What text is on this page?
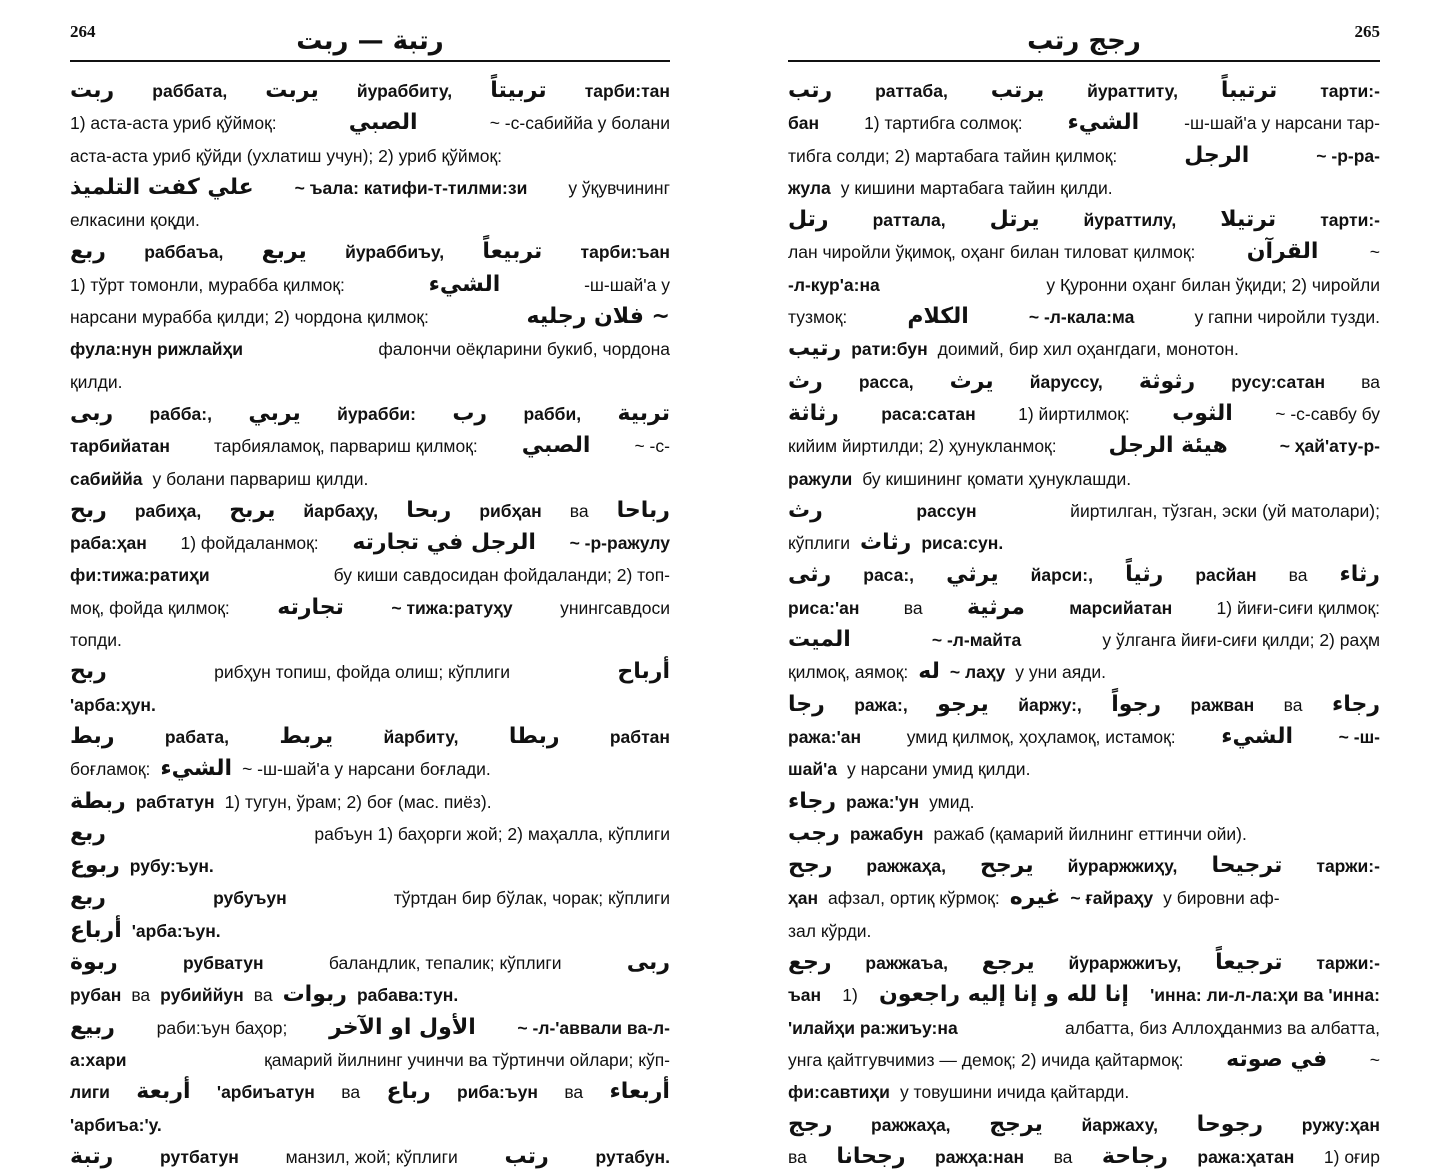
264	رتبة — ربت
ربت раббата, يربت йураббиту, تربيتاً тарби:тан
1) аста-аста уриб қўймоқ:	الصبي	~ -с-сабиййа у болани
аста-аста уриб қўйди (ухлатиш учун); 2) уриб қўймоқ:
علي كفت التلميذ ~ ъала: катифи-т-тилми:зи у ўқувчининг
елкасини қоқди.
ربع раббаъа, يربع йураббиъу, تربيعاً тарби:ъан
1) тўрт томонли, мураббa қилмоқ:	الشيء	-ш-шай'а у
нарсани мураббa қилди; 2) чордона қилмоқ:	~ فلان رجليه
фула:нун рижлайҳи	фалончи оёқларини букиб, чордона
қилди.
ربى рабба:, يربي йурабби: رب рабби, تربية
тарбийатан	тарбияламоқ, парвариш қилмоқ: الصبي	~ -с-
сабиййа у болани парвариш қилди.
ربح рабиҳа, يربح йарбаҳу, ربحا рибҳан ва رباحا
раба:ҳан 1) фойдаланмоқ: الرجل في تجارته ~ -р-ражулу
фи:тижа:ратиҳи	бу киши савдосидан фойдаланди; 2) топ-
моқ, фойда қилмоқ: تجارته	~ тижа:ратуҳу	унингсавдоси
топди.
ربح	рибҳун топиш, фойда олиш; кўплиги	أرباح
'арба:ҳун.
ربط	рабата, يربط	йарбиту, ربطا	рабтан
боғламоқ: الشيء ~ -ш-шай'а у нарсани боғлади.
ربطة рабтатун 1) тугун, ўрам; 2) боғ (мас. пиёз).
ربع	рабъун 1) баҳорги жой; 2) маҳалла, кўплиги
ربوع рубу:ъун.
ربع	рубуъун	тўртдан бир бўлак, чорак; кўплиги
أرباع 'арба:ъун.
ربوة	рубватун	баландлик, тепалик; кўплиги	ربى
рубан ва рубиййун ва ربوات рабава:тун.
ربيع раби:ъун баҳор; الأول او الآخر ~ -л-'аввали ва-л-
а:хари	қамарий йилнинг учинчи ва тўртинчи ойлари; кўп-
лиги أربعة 'арбиъатун ва رباع риба:ъун ва أربعاء
'арбиъа:'у.
رتبة	рутбатун	манзил, жой; кўплиги رتب	рутабун.
265
رجج رتب
رتب раттаба, يرتب йураттиту, ترتيباً тарти:-
бан	1) тартибга солмоқ: الشيء	-ш-шай'а у нарсани тар-
тибга солди; 2) мартабага тайин қилмоқ:	الرجل	~ -р-ра-
жула у кишини мартабага тайин қилди.
رتل	раттала, يرتل	йураттилу, ترتيلا	тарти:-
лан чиройли ўқимоқ, оҳанг билан тиловат қилмоқ: القرآن	~
-л-кур'а:на	у Қуронни оҳанг билан ўқиди; 2) чиройли
тузмоқ:	الكلام	~ -л-кала:ма	у гапни чиройли тузди.
رتيب рати:бун доимий, бир хил оҳангдаги, монотон.
رث расса, يرث йаруссу, رثوثة руcу:сатан ва
رثاثة раса:сатан 1) йиртилмоқ: الثوب ~ -с-савбу бу
кийим йиртилди; 2) ҳунукланмоқ: هيئة الرجل	~ ҳай'ату-р-
ражули бу кишининг қомати ҳунуклашди.
رث	рассун	йиртилган, тўзган, эски (уй матолари);
кўплиги رثاث риса:сун.
رثى раса:, يرثي йарси:, رثياً расйан ва رثاء
риса:'ан	ва مرثية	марсийатан	1) йиғи-сиғи қилмоқ:
الميت	~ -л-майта	у ўлганга йиғи-сиғи қилди; 2) раҳм
қилмоқ, аямоқ: له ~ лаҳу у уни аяди.
رجا ража:, يرجو йаржу:, رجواً ражван ва رجاء
ража:'ан	умид қилмоқ, ҳоҳламоқ, истамоқ: الشيء	~ -ш-
шай'а у нарсани умид қилди.
رجاء ража:'ун умид.
رجب ражабун ражаб (қамарий йилнинг еттинчи ойи).
رجح ражжаҳа, يرجح йураржжиҳу, ترجيحا тaржи:-
ҳан афзал, ортиқ кўрмоқ: غيره ~ ғайраҳу у бировни аф-
зал кўрди.
رجع ражжаъа, يرجع йураржжиъу, ترجيعاً тaржи:-
ъан 1) إنا لله و إنا إليه راجعون 'инна: ли-л-ла:ҳи ва 'инна:
'илайҳи ра:жиъу:на	албатта, биз Аллоҳданмиз ва албатта,
унга қайтгувчимиз — демоқ; 2) ичида қайтармоқ: في صوته ~
фи:савтиҳи у товушини ичида қайтарди.
رجج ражжаҳа, يرجج йаржаху, رجوحا ружу:ҳан
ва رجحانا ражҳа:нан ва رجاحة ража:ҳатан 1) оғир
